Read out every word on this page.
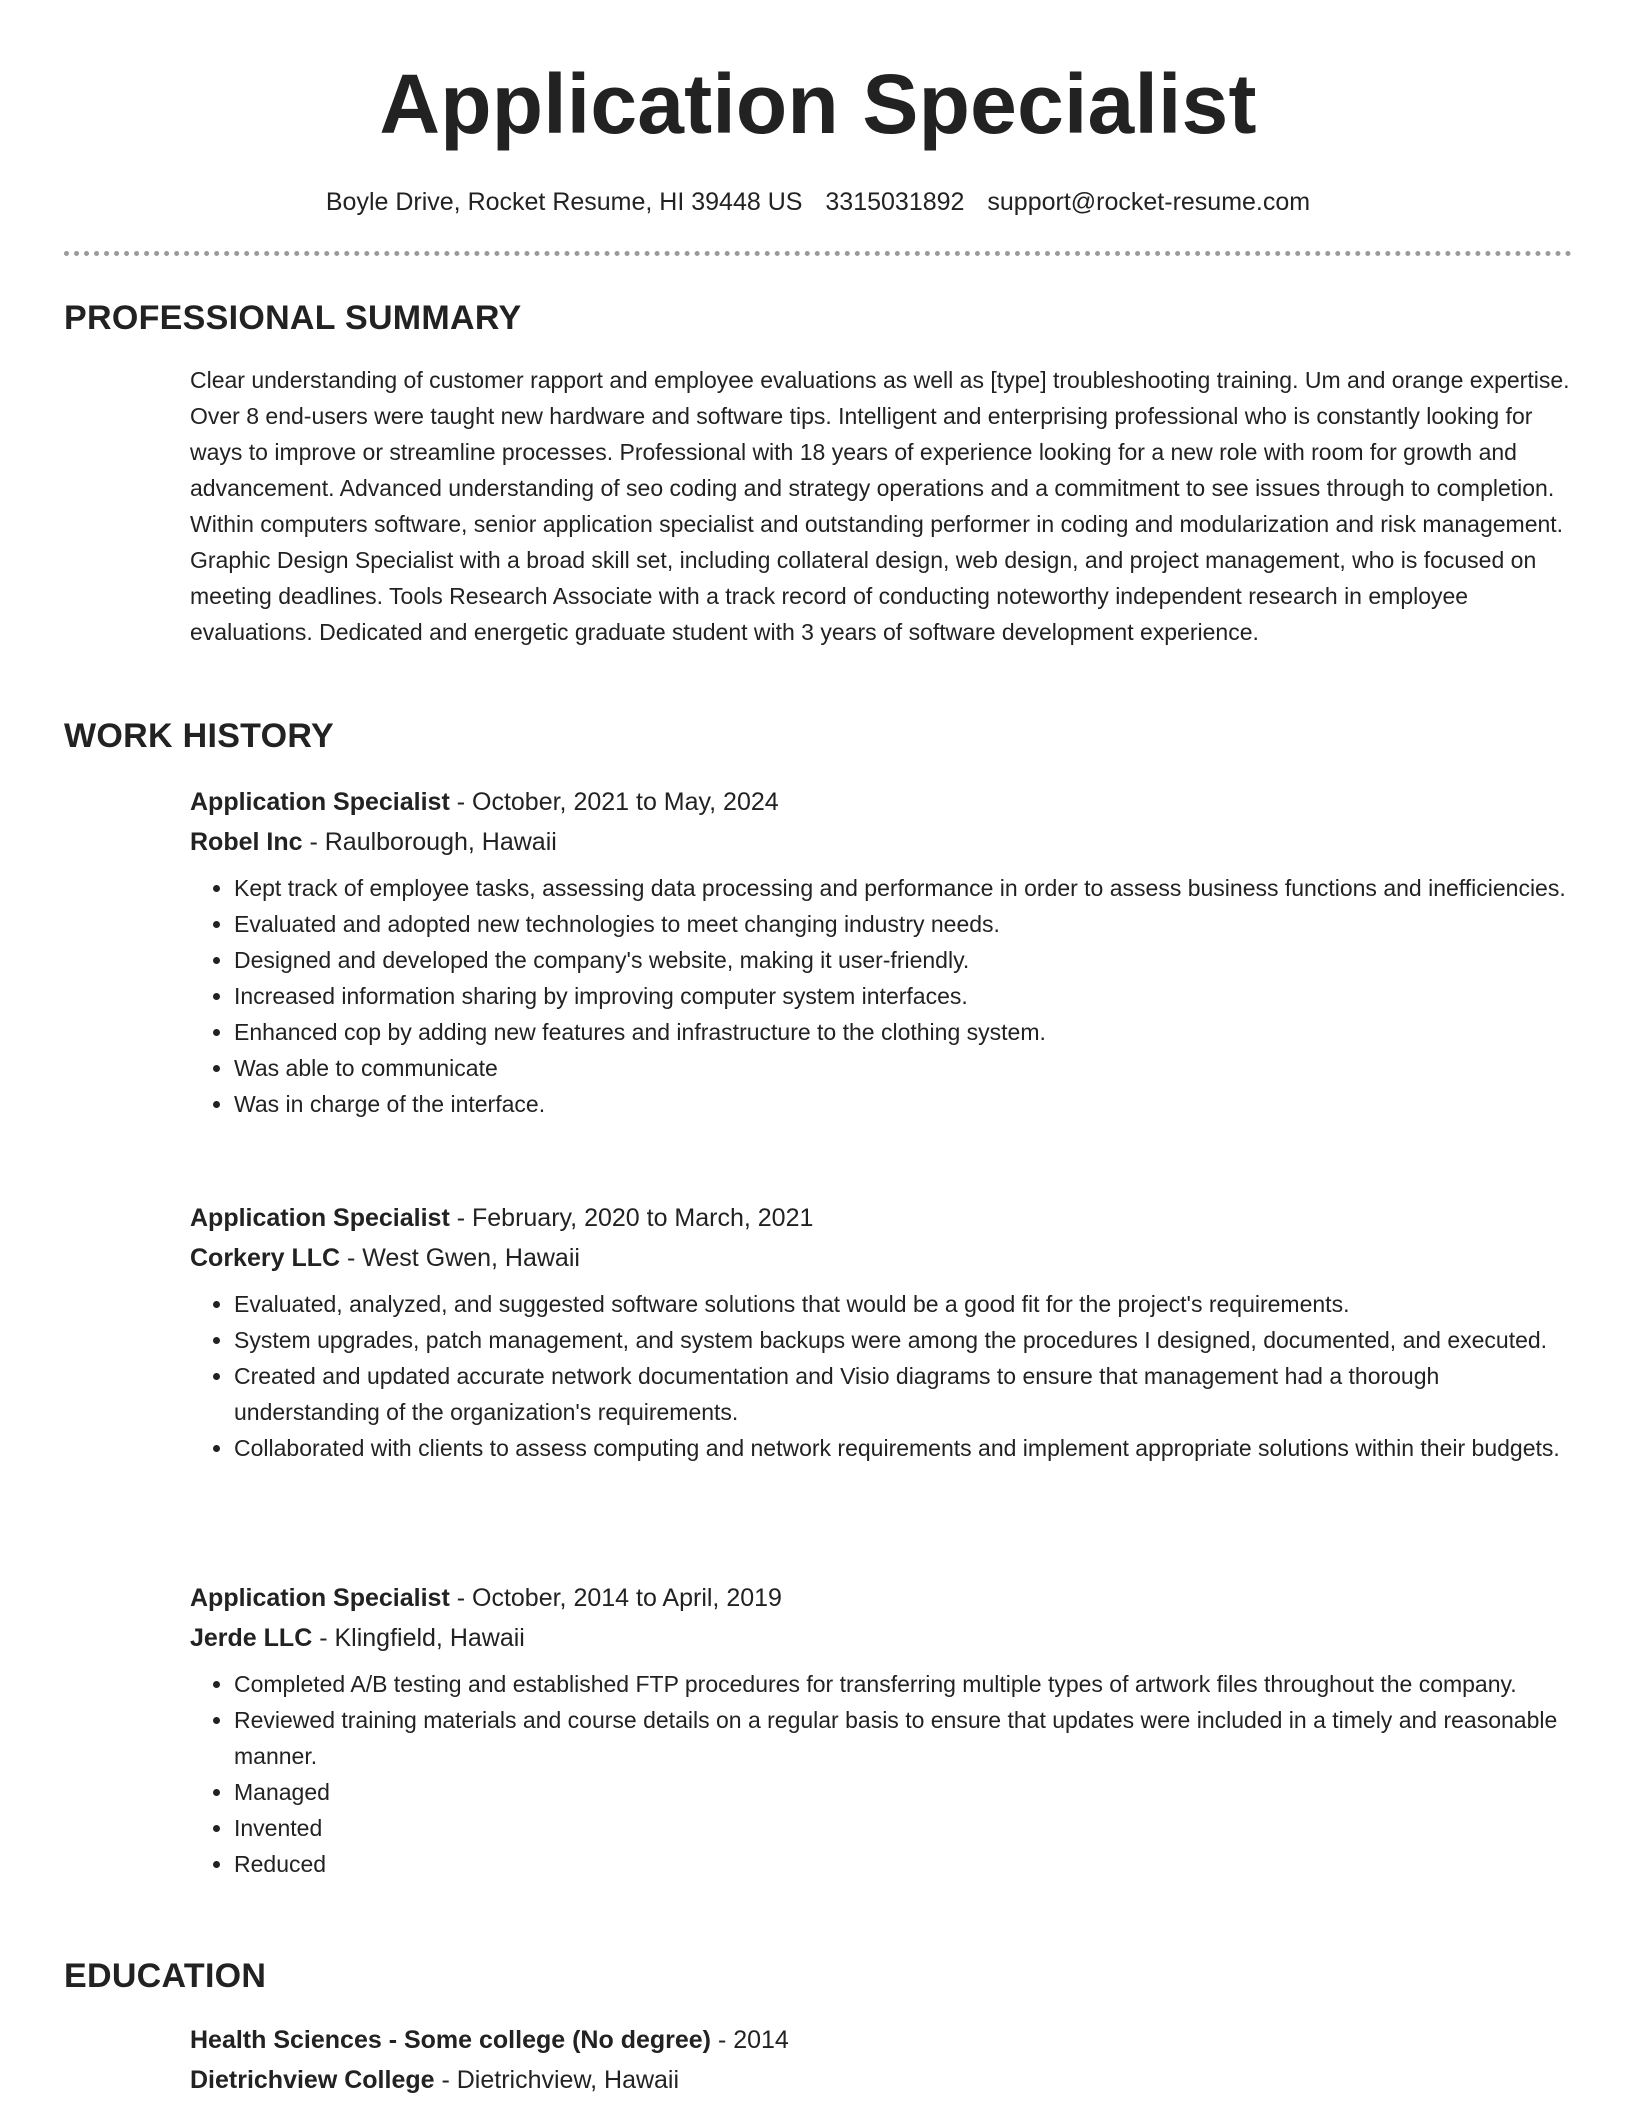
Application Specialist
Boyle Drive, Rocket Resume, HI 39448 US 3315031892 support@rocket-resume.com
PROFESSIONAL SUMMARY

Clear understanding of customer rapport and employee evaluations as well as [type] troubleshooting training. Um and orange expertise. Over 8 end-users were taught new hardware and software tips. Intelligent and enterprising professional who is constantly looking for ways to improve or streamline processes. Professional with 18 years of experience looking for a new role with room for growth and advancement. Advanced understanding of seo coding and strategy operations and a commitment to see issues through to completion. Within computers software, senior application specialist and outstanding performer in coding and modularization and risk management. Graphic Design Specialist with a broad skill set, including collateral design, web design, and project management, who is focused on meeting deadlines. Tools Research Associate with a track record of conducting noteworthy independent research in employee evaluations. Dedicated and energetic graduate student with 3 years of software development experience.

WORK HISTORY
Application Specialist - October, 2021 to May, 2024
Robel Inc - Raulborough, Hawaii
• Kept track of employee tasks, assessing data processing and performance in order to assess business functions and inefficiencies.
• Evaluated and adopted new technologies to meet changing industry needs.
• Designed and developed the company's website, making it user-friendly.
• Increased information sharing by improving computer system interfaces.
• Enhanced cop by adding new features and infrastructure to the clothing system.
• Was able to communicate
• Was in charge of the interface.
Application Specialist - February, 2020 to March, 2021
Corkery LLC - West Gwen, Hawaii
• Evaluated, analyzed, and suggested software solutions that would be a good fit for the project's requirements.
• System upgrades, patch management, and system backups were among the procedures I designed, documented, and executed.
• Created and updated accurate network documentation and Visio diagrams to ensure that management had a thorough understanding of the organization's requirements.
• Collaborated with clients to assess computing and network requirements and implement appropriate solutions within their budgets.
Application Specialist - October, 2014 to April, 2019
Jerde LLC - Klingfield, Hawaii
• Completed A/B testing and established FTP procedures for transferring multiple types of artwork files throughout the company.
• Reviewed training materials and course details on a regular basis to ensure that updates were included in a timely and reasonable manner.
• Managed
• Invented
• Reduced
EDUCATION
Health Sciences - Some college (No degree) - 2014
Dietrichview College - Dietrichview, Hawaii
